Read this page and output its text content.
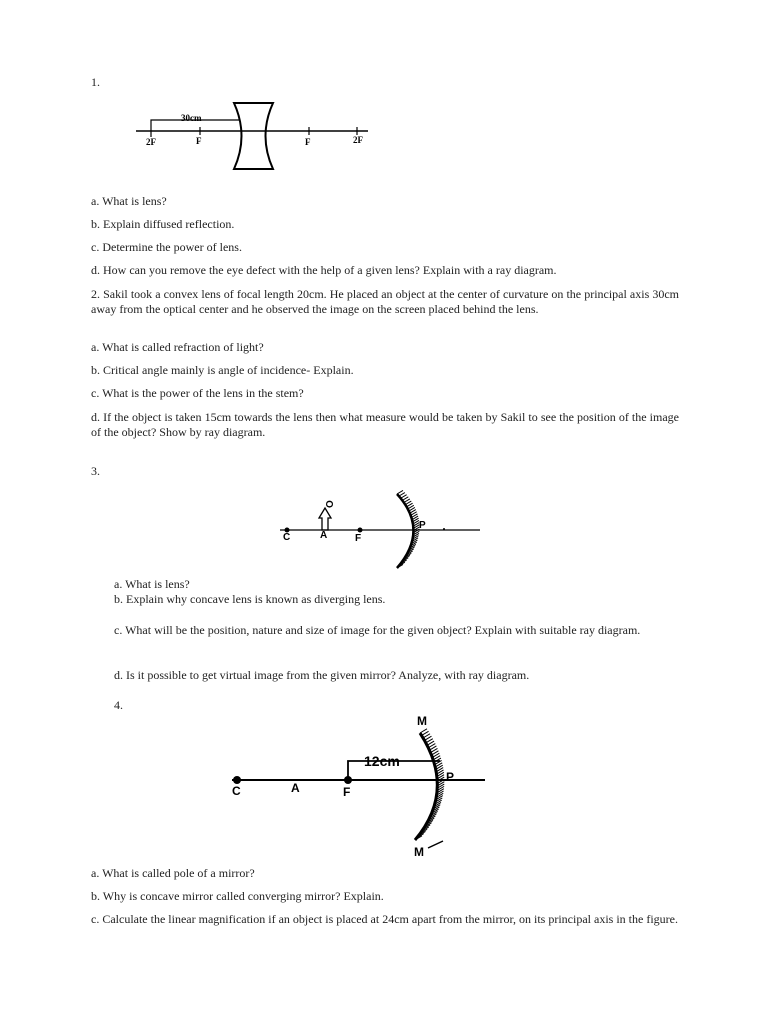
1.
30cm
2F	F	F	2F
a. What is lens?
b. Explain diffused reflection.
c. Determine the power of lens.
d. How can you remove the eye defect with the help of a given lens? Explain with a ray diagram.
2. Sakil took a convex lens of focal length 20cm. He placed an object at the center of curvature on the principal axis 30cm away from the optical center and he observed the image on the screen placed behind the lens.
a. What is called refraction of light?
b. Critical angle mainly is angle of incidence- Explain.
c. What is the power of the lens in the stem?
d. If the object is taken 15cm towards the lens then what measure would be taken by Sakil to see the position of the image of the object? Show by ray diagram.
3.
O
C	A	F
P
a. What is lens?
b. Explain why concave lens is known as diverging lens.
c. What will be the position, nature and size of image for the given object? Explain with suitable ray diagram.
d. Is it possible to get virtual image from the given mirror? Analyze, with ray diagram.
4.
12cm
M
M
C	A	F
P
a. What is called pole of a mirror?
b. Why is concave mirror called converging mirror? Explain.
c. Calculate the linear magnification if an object is placed at 24cm apart from the mirror, on its principal axis in the figure.
